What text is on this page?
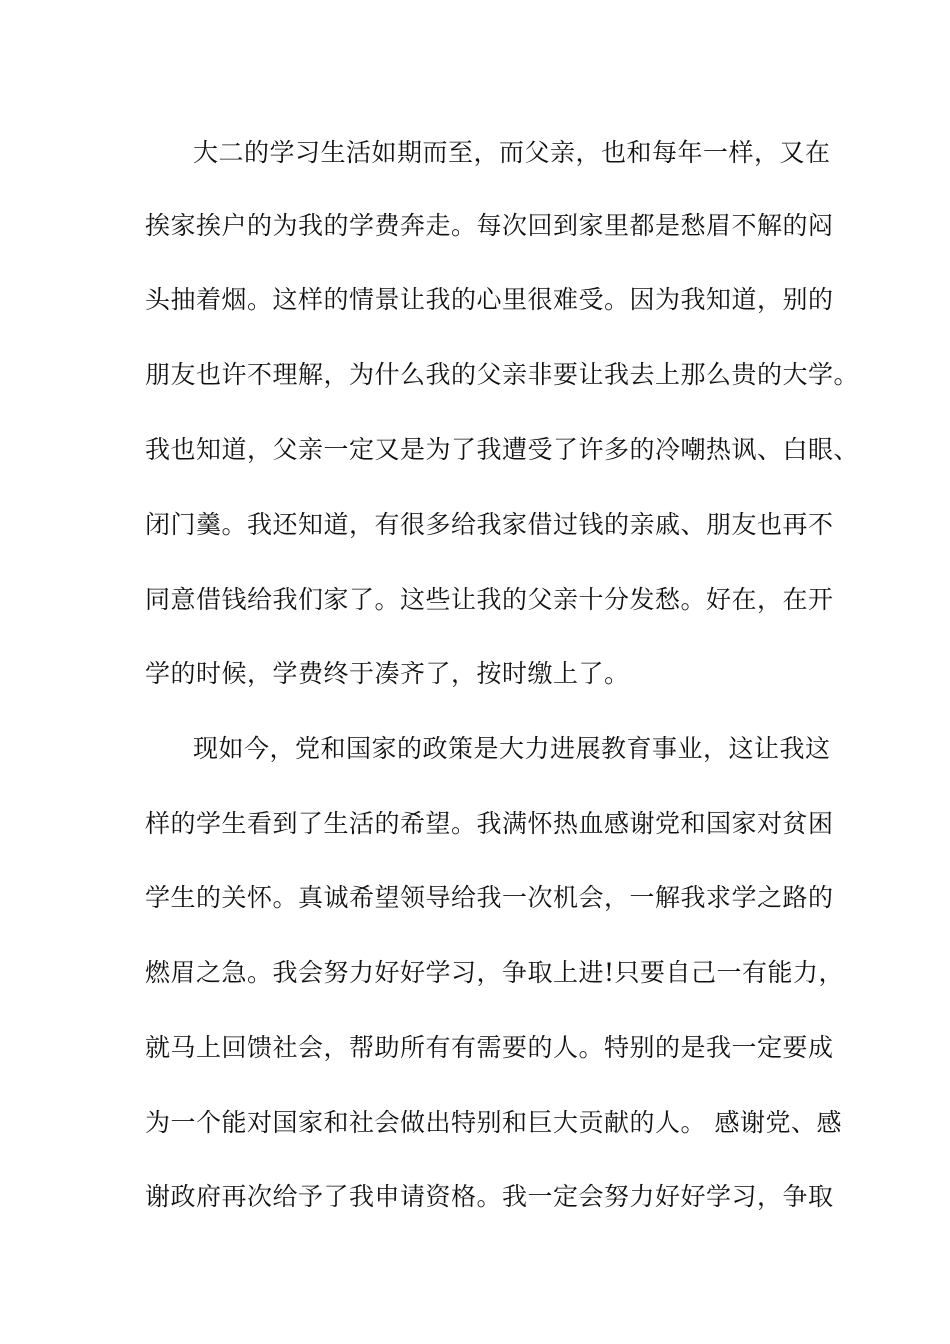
大二的学习生活如期而至，而父亲，也和每年一样，又在
挨家挨户的为我的学费奔走。每次回到家里都是愁眉不解的闷
头抽着烟。这样的情景让我的心里很难受。因为我知道，别的
朋友也许不理解，为什么我的父亲非要让我去上那么贵的大学。
我也知道，父亲一定又是为了我遭受了许多的冷嘲热讽、白眼、
闭门羹。我还知道，有很多给我家借过钱的亲戚、朋友也再不
同意借钱给我们家了。这些让我的父亲十分发愁。好在，在开
学的时候，学费终于凑齐了，按时缴上了。
现如今，党和国家的政策是大力进展教育事业，这让我这
样的学生看到了生活的希望。我满怀热血感谢党和国家对贫困
学生的关怀。真诚希望领导给我一次机会，一解我求学之路的
燃眉之急。我会努力好好学习，争取上进!只要自己一有能力，
就马上回馈社会，帮助所有有需要的人。特别的是我一定要成
为一个能对国家和社会做出特别和巨大贡献的人。 感谢党、感
谢政府再次给予了我申请资格。我一定会努力好好学习，争取
